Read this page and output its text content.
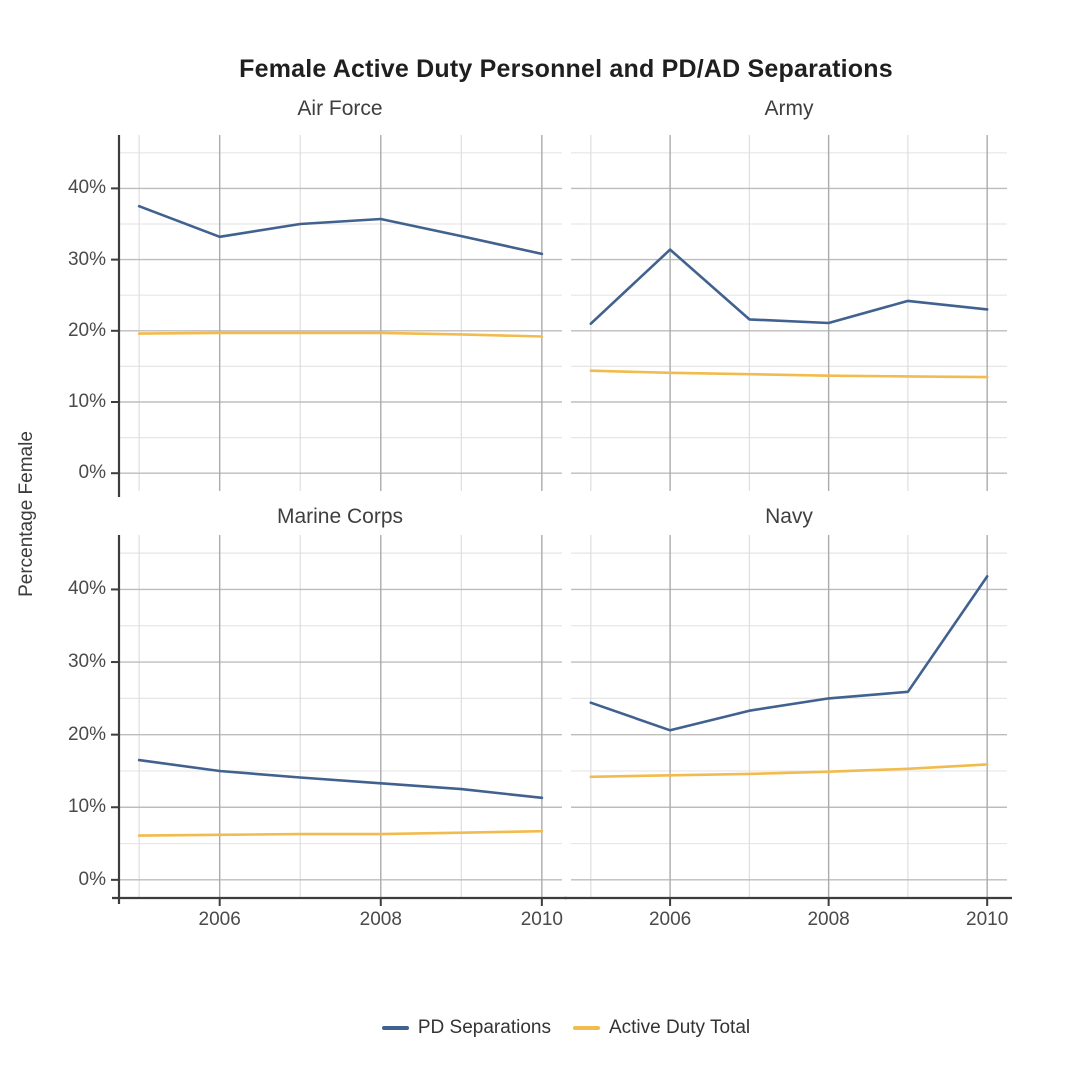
Female Active Duty Personnel and PD/AD Separations
Air Force	Army
Marine Corps	Navy
Percentage Female	0%
10%
20%
30%
40%
0%
10%
20%
30%
40%
2006	2008	2010	2006	2008	2010
PD Separations	Active Duty Total
